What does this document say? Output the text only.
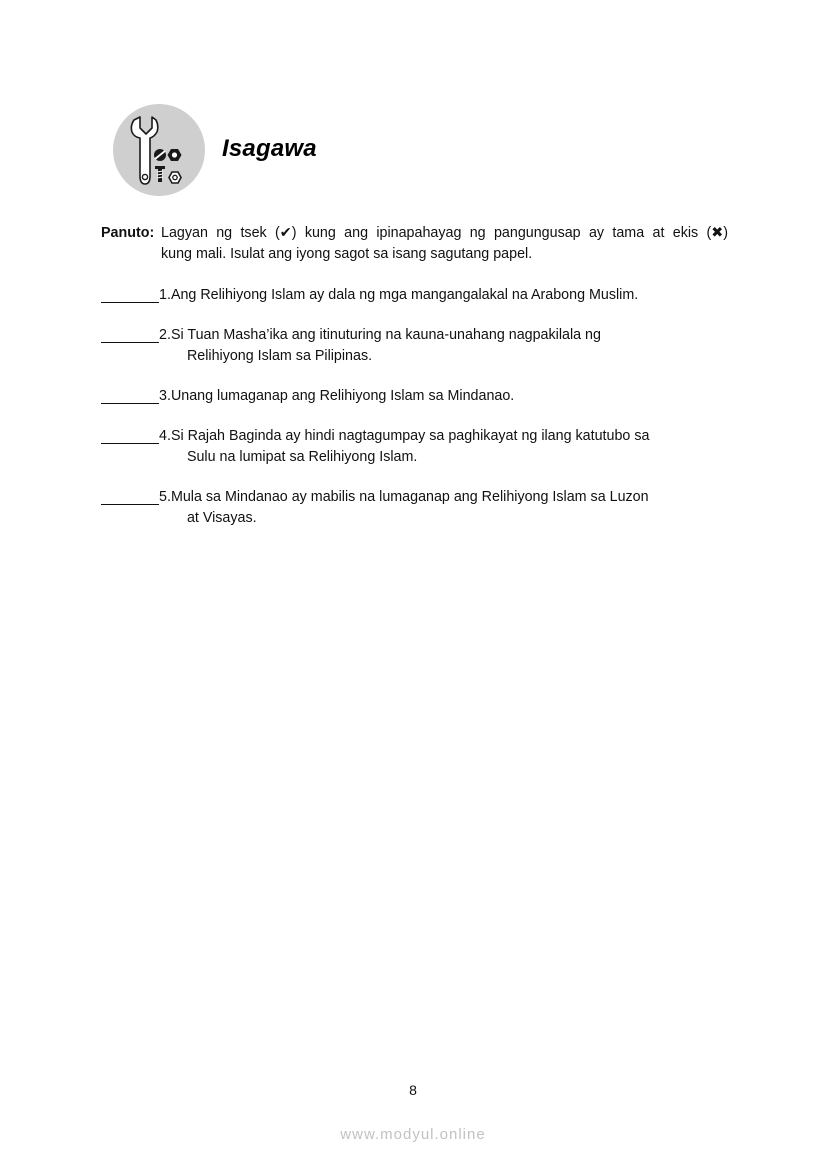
Isagawa
Panuto: Lagyan ng tsek (✔) kung ang ipinapahayag ng pangungusap ay tama at ekis (✖)
kung mali. Isulat ang iyong sagot sa isang sagutang papel.
1. Ang Relihiyong Islam ay dala ng mga mangangalakal na Arabong Muslim.
2. Si Tuan Masha’ika ang itinuturing na kauna-unahang nagpakilala ng
Relihiyong Islam sa Pilipinas.
3. Unang lumaganap ang Relihiyong Islam sa Mindanao.
4. Si Rajah Baginda ay hindi nagtagumpay sa paghikayat ng ilang katutubo sa
Sulu na lumipat sa Relihiyong Islam.
5. Mula sa Mindanao ay mabilis na lumaganap ang Relihiyong Islam sa Luzon
at Visayas.
8
www.modyul.online
